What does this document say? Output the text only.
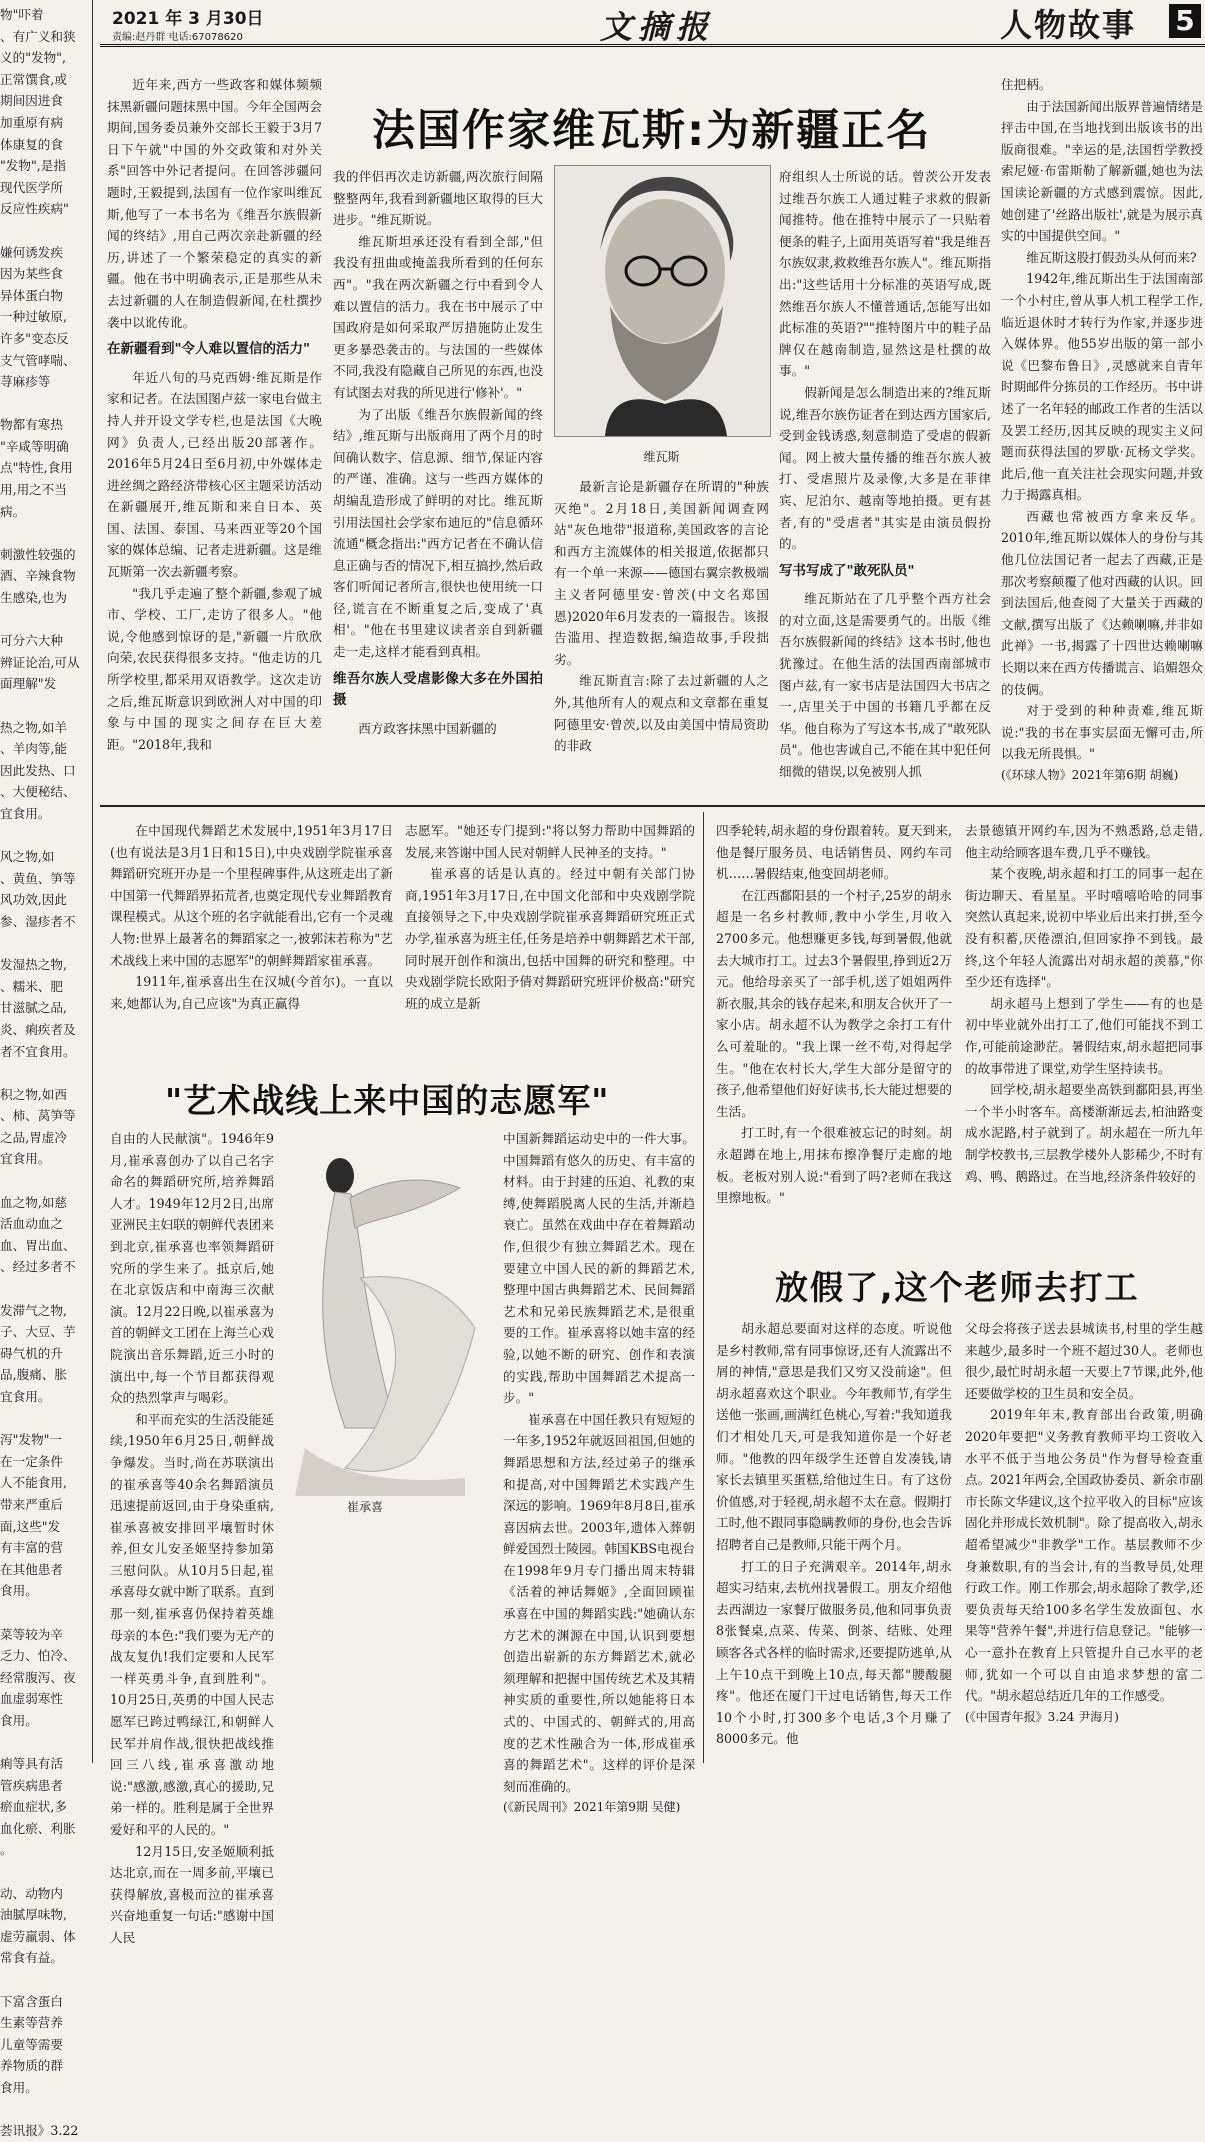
2021 年 3 月30日
责编:赵丹群 电话:67078620	文摘报	人物故事 5
物"吓着
、有广义和狭
义的"发物",
正常馔食,或
期间因进食
加重原有病
体康复的食
"发物",是指
现代医学所
反应性疾病"

嫌何诱发疾
因为某些食
异体蛋白物
一种过敏原,
许多"变态反
支气管哮喘、
荨麻疹等

物都有寒热
"辛咸等明确
点"特性,食用
用,用之不当
病。

刺激性较强的
酒、辛辣食物
生感染,也为

可分六大种
辨证论治,可从
面理解"发

热之物,如羊
、羊肉等,能
因此发热、口
、大便秘结、
宜食用。

风之物,如
、黄鱼、笋等
风功效,因此
参、湿疹者不

发湿热之物,
、糯米、肥
甘滋腻之品,
炎、痢疾者及
者不宜食用。

积之物,如西
、柿、莴笋等
之品,胃虚冷
宜食用。

血之物,如慈
活血动血之
血、胃出血、
、经过多者不

发滞气之物,
子、大豆、芋
碍气机的升
品,腹痛、胀
宜食用。

泻"发物"一
在一定条件
人不能食用,
带来严重后
面,这些"发
有丰富的营
在其他患者
食用。

菜等较为辛
乏力、怕冷、
经常腹泻、夜
血虚弱寒性
食用。

痢等具有活
管疾病患者
瘀血症状,多
血化瘀、利胀
。

动、动物内
油腻厚味物,
虚劳羸弱、体
常食有益。

下富含蛋白
生素等营养
儿童等需要
养物质的群
食用。

荟讯报》3.22
法国作家维瓦斯:为新疆正名

近年来,西方一些政客和媒体频频抹黑新疆问题抹黑中国。今年全国两会期间,国务委员兼外交部长王毅于3月7日下午就"中国的外交政策和对外关系"回答中外记者提问。在回答涉疆问题时,王毅提到,法国有一位作家叫维瓦斯,他写了一本书名为《维吾尔族假新闻的终结》,用自己两次亲赴新疆的经历,讲述了一个繁荣稳定的真实的新疆。他在书中明确表示,正是那些从未去过新疆的人在制造假新闻,在杜撰抄袭中以讹传讹。

在新疆看到"令人难以置信的活力"

年近八旬的马克西姆·维瓦斯是作家和记者。在法国图卢兹一家电台做主持人并开设文学专栏,也是法国《大晚网》负责人,已经出版20部著作。2016年5月24日至6月初,中外媒体走进丝绸之路经济带核心区主题采访活动在新疆展开,维瓦斯和来自日本、英国、法国、泰国、马来西亚等20个国家的媒体总编、记者走进新疆。这是维瓦斯第一次去新疆考察。

"我几乎走遍了整个新疆,参观了城市、学校、工厂,走访了很多人。"他说,令他感到惊讶的是,"新疆一片欣欣向荣,农民获得很多支持。"他走访的几所学校里,都采用双语教学。这次走访之后,维瓦斯意识到欧洲人对中国的印象与中国的现实之间存在巨大差距。"2018年,我和

我的伴侣再次走访新疆,两次旅行间隔整整两年,我看到新疆地区取得的巨大进步。"维瓦斯说。

维瓦斯坦承还没有看到全部,"但我没有扭曲或掩盖我所看到的任何东西"。"我在两次新疆之行中看到令人难以置信的活力。我在书中展示了中国政府是如何采取严厉措施防止发生更多暴恐袭击的。与法国的一些媒体不同,我没有隐藏自己所见的东西,也没有试图去对我的所见进行'修补'。"

为了出版《维吾尔族假新闻的终结》,维瓦斯与出版商用了两个月的时间确认数字、信息源、细节,保证内容的严谨、准确。这与一些西方媒体的胡编乱造形成了鲜明的对比。维瓦斯引用法国社会学家布迪厄的"信息循环流通"概念指出:"西方记者在不确认信息正确与否的情况下,相互搞抄,然后政客们听闻记者所言,很快也使用统一口径,谎言在不断重复之后,变成了'真相'。"他在书里建议读者亲自到新疆走一走,这样才能看到真相。

维吾尔族人受虐影像大多在外国拍摄

西方政客抹黑中国新疆的

维瓦斯

最新言论是新疆存在所谓的"种族灭绝"。2月18日,美国新闻调查网站"灰色地带"报道称,美国政客的言论和西方主流媒体的相关报道,依据都只有一个单一来源——德国右翼宗教极端主义者阿德里安·曾茨(中文名郑国恩)2020年6月发表的一篇报告。该报告滥用、捏造数据,编造故事,手段拙劣。

维瓦斯直言:除了去过新疆的人之外,其他所有人的观点和文章都在重复阿德里安·曾茨,以及由美国中情局资助的非政

府组织人士所说的话。曾茨公开发表过维吾尔族工人通过鞋子求救的假新闻推特。他在推特中展示了一只贴着便条的鞋子,上面用英语写着"我是维吾尔族奴隶,救救维吾尔族人"。维瓦斯指出:"这些话用十分标准的英语写成,既然维吾尔族人不懂普通话,怎能写出如此标准的英语?""推特图片中的鞋子品牌仅在越南制造,显然这是杜撰的故事。"

假新闻是怎么制造出来的?维瓦斯说,维吾尔族伤证者在到达西方国家后,受到金钱诱惑,刻意制造了受虐的假新闻。网上被大量传播的维吾尔族人被打、受虐照片及录像,大多是在菲律宾、尼泊尔、越南等地拍摄。更有甚者,有的"受虐者"其实是由演员假扮的。

写书写成了"敢死队员"

维瓦斯站在了几乎整个西方社会的对立面,这是需要勇气的。出版《维吾尔族假新闻的终结》这本书时,他也犹豫过。在他生活的法国西南部城市图卢兹,有一家书店是法国四大书店之一,店里关于中国的书籍几乎都在反华。他自称为了写这本书,成了"敢死队员"。他也害诚自己,不能在其中犯任何细微的错误,以免被别人抓

住把柄。

由于法国新闻出版界普遍情绪是抨击中国,在当地找到出版该书的出版商很难。"幸运的是,法国哲学教授索尼娅·布雷斯勒了解新疆,她也为法国读论新疆的方式感到震惊。因此,她创建了'丝路出版社',就是为展示真实的中国提供空间。"

维瓦斯这股打假劲头从何而来?

1942年,维瓦斯出生于法国南部一个小村庄,曾从事人机工程学工作,临近退休时才转行为作家,并逐步进入媒体界。他55岁出版的第一部小说《巴黎布鲁日》,灵感就来自青年时期邮件分拣员的工作经历。书中讲述了一名年轻的邮政工作者的生活以及罢工经历,因其反映的现实主义问题而获得法国的罗歇·瓦杨文学奖。此后,他一直关注社会现实问题,并致力于揭露真相。

西藏也常被西方拿来反华。2010年,维瓦斯以媒体人的身份与其他几位法国记者一起去了西藏,正是那次考察颠覆了他对西藏的认识。回到法国后,他查阅了大量关于西藏的文献,撰写出版了《达赖喇嘛,并非如此禅》一书,揭露了十四世达赖喇嘛长期以来在西方传播谎言、谄媚怨众的伎俩。

对于受到的种种责难,维瓦斯说:"我的书在事实层面无懈可击,所以我无所畏惧。"

(《环球人物》2021年第6期 胡巍)

在中国现代舞蹈艺术发展中,1951年3月17日(也有说法是3月1日和15日),中央戏剧学院崔承喜舞蹈研究班开办是一个里程碑事件,从这班走出了新中国第一代舞蹈界拓荒者,也奠定现代专业舞蹈教育课程模式。从这个班的名字就能看出,它有一个灵魂人物:世界上最著名的舞蹈家之一,被郭沫若称为"艺术战线上来中国的志愿军"的朝鲜舞蹈家崔承喜。

1911年,崔承喜出生在汉城(今首尔)。一直以来,她都认为,自己应该"为真正赢得

志愿军。"她还专门提到:"将以努力帮助中国舞蹈的发展,来答谢中国人民对朝鲜人民神圣的支持。"

崔承喜的话是认真的。经过中朝有关部门协商,1951年3月17日,在中国文化部和中央戏剧学院直接领导之下,中央戏剧学院崔承喜舞蹈研究班正式办学,崔承喜为班主任,任务是培养中朝舞蹈艺术干部,同时展开创作和演出,包括中国舞的研究和整理。中央戏剧学院长欧阳予倩对舞蹈研究班评价极高:"研究班的成立是新

"艺术战线上来中国的志愿军"
崔承喜

自由的人民献演"。1946年9月,崔承喜创办了以自己名字命名的舞蹈研究所,培养舞蹈人才。1949年12月2日,出席亚洲民主妇联的朝鲜代表团来到北京,崔承喜也率领舞蹈研究所的学生来了。抵京后,她在北京饭店和中南海三次献演。12月22日晚,以崔承喜为首的朝鲜文工团在上海兰心戏院演出音乐舞蹈,近三小时的演出中,每一个节目都获得观众的热烈掌声与喝彩。

和平而充实的生活没能延续,1950年6月25日,朝鲜战争爆发。当时,尚在苏联演出的崔承喜等40余名舞蹈演员迅速提前返回,由于身染重病,崔承喜被安排回平壤暂时休养,但女儿安圣姬坚持参加第三慰问队。从10月5日起,崔承喜母女就中断了联系。直到那一刻,崔承喜仍保持着英雄母亲的本色:"我们要为无产的战友复仇!我们定要和人民军一样英勇斗争,直到胜利"。10月25日,英勇的中国人民志愿军已跨过鸭绿江,和朝鲜人民军并肩作战,很快把战线推回三八线,崔承喜激动地说:"感激,感激,真心的援助,兄弟一样的。胜利是属于全世界爱好和平的人民的。"

12月15日,安圣姬顺利抵达北京,而在一周多前,平壤已获得解放,喜极而泣的崔承喜兴奋地重复一句话:"感谢中国人民

中国新舞蹈运动史中的一件大事。中国舞蹈有悠久的历史、有丰富的材料。由于封建的压迫、礼教的束缚,使舞蹈脱离人民的生活,并渐趋衰亡。虽然在戏曲中存在着舞蹈动作,但很少有独立舞蹈艺术。现在要建立中国人民的新的舞蹈艺术,整理中国古典舞蹈艺术、民间舞蹈艺术和兄弟民族舞蹈艺术,是很重要的工作。崔承喜将以她丰富的经验,以她不断的研究、创作和表演的实践,帮助中国舞蹈艺术提高一步。"

崔承喜在中国任教只有短短的一年多,1952年就返回祖国,但她的舞蹈思想和方法,经过弟子的继承和提高,对中国舞蹈艺术实践产生深远的影响。1969年8月8日,崔承喜因病去世。2003年,遗体入葬朝鲜爱国烈士陵园。韩国KBS电视台在1998年9月专门播出周末特辑《活着的神话舞姬》,全面回顾崔承喜在中国的舞蹈实践:"她确认东方艺术的渊源在中国,认识到要想创造出崭新的东方舞蹈艺术,就必须理解和把握中国传统艺术及其精神实质的重要性,所以她能将日本式的、中国式的、朝鲜式的,用高度的艺术性融合为一体,形成崔承喜的舞蹈艺术"。这样的评价是深刻而准确的。

(《新民周刊》2021年第9期 吴健)

四季轮转,胡永超的身份跟着转。夏天到来,他是餐厅服务员、电话销售员、网约车司机……暑假结束,他变回胡老师。

在江西鄱阳县的一个村子,25岁的胡永超是一名乡村教师,教中小学生,月收入2700多元。他想赚更多钱,每到暑假,他就去大城市打工。过去3个暑假里,挣到近2万元。他给母亲买了一部手机,送了姐姐两件新衣服,其余的钱存起来,和朋友合伙开了一家小店。胡永超不认为教学之余打工有什么可羞耻的。"我上课一丝不苟,对得起学生。"他在农村长大,学生大部分是留守的孩子,他希望他们好好读书,长大能过想要的生活。

打工时,有一个很难被忘记的时刻。胡永超蹲在地上,用抹布擦净餐厅走廊的地板。老板对别人说:"看到了吗?老师在我这里擦地板。"

去景德镇开网约车,因为不熟悉路,总走错,他主动给顾客退车费,几乎不赚钱。

某个夜晚,胡永超和打工的同事一起在街边聊天、看星星。平时嘻嘻哈哈的同事突然认真起来,说初中毕业后出来打拼,至今没有积蓄,厌倦漂泊,但回家挣不到钱。最终,这个年轻人流露出对胡永超的羡慕,"你至少还有选择"。

胡永超马上想到了学生——有的也是初中毕业就外出打工了,他们可能找不到工作,可能前途渺茫。暑假结束,胡永超把同事的故事带进了课堂,劝学生坚持读书。

回学校,胡永超要坐高铁到鄱阳县,再坐一个半小时客车。高楼渐渐远去,柏油路变成水泥路,村子就到了。胡永超在一所九年制学校教书,三层教学楼外人影稀少,不时有鸡、鸭、鹅路过。在当地,经济条件较好的

放假了,这个老师去打工

胡永超总要面对这样的态度。听说他是乡村教师,常有同事惊讶,还有人流露出不屑的神情,"意思是我们又穷又没前途"。但胡永超喜欢这个职业。今年教师节,有学生送他一张画,画满红色桃心,写着:"我知道我们才相处几天,可是我知道你是一个好老师。"他教的四年级学生还曾自发凑钱,请家长去镇里买蛋糕,给他过生日。有了这份价值感,对于轻视,胡永超不太在意。假期打工时,他不跟同事隐瞒教师的身份,也会告诉招聘者自己是教师,只能干两个月。

打工的日子充满艰辛。2014年,胡永超实习结束,去杭州找暑假工。朋友介绍他去西湖边一家餐厅做服务员,他和同事负责8张餐桌,点菜、传菜、倒茶、结账、处理顾客各式各样的临时需求,还要提防逃单,从上午10点干到晚上10点,每天都"腰酸腿疼"。他还在厦门干过电话销售,每天工作10个小时,打300多个电话,3个月赚了8000多元。他

父母会将孩子送去县城读书,村里的学生越来越少,最多时一个班不超过30人。老师也很少,最忙时胡永超一天要上7节课,此外,他还要做学校的卫生员和安全员。

2019年年末,教育部出台政策,明确2020年要把"义务教育教师平均工资收入水平不低于当地公务员"作为督导检查重点。2021年两会,全国政协委员、新余市副市长陈文华建议,这个拉平收入的目标"应该固化并形成长效机制"。除了提高收入,胡永超希望减少"非教学"工作。基层教师不少身兼数职,有的当会计,有的当教导员,处理行政工作。刚工作那会,胡永超除了教学,还要负责每天给100多名学生发放面包、水果等"营养午餐",并进行信息登记。"能够一心一意扑在教育上只管提升自己水平的老师,犹如一个可以自由追求梦想的富二代。"胡永超总结近几年的工作感受。

(《中国青年报》3.24 尹海月)
